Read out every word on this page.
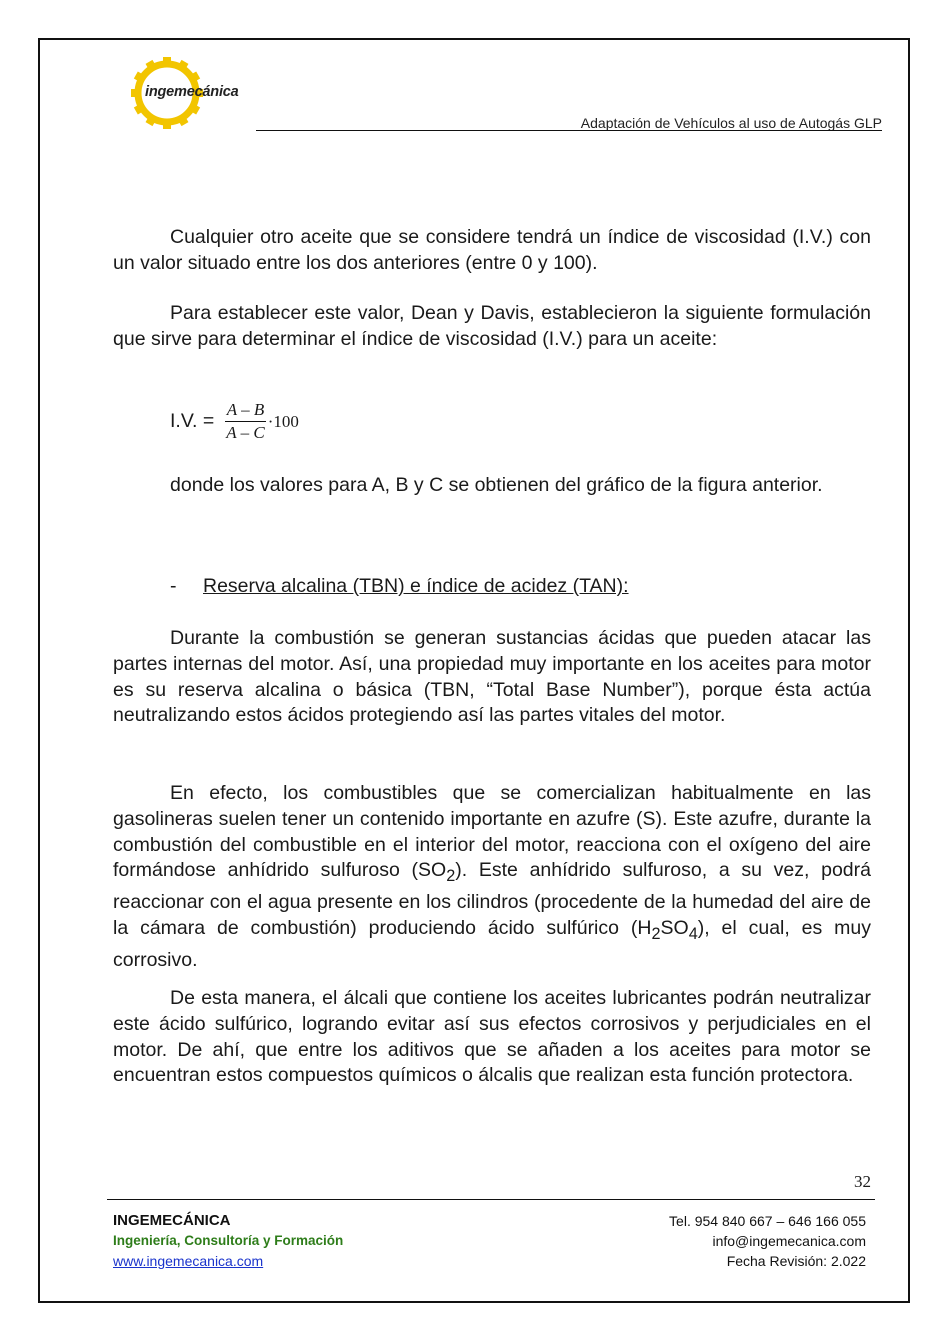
ingemecánica
Adaptación de Vehículos al uso de Autogás GLP

Cualquier otro aceite que se considere tendrá un índice de viscosidad (I.V.) con un valor situado entre los dos anteriores (entre 0 y 100).

Para establecer este valor, Dean y Davis, establecieron la siguiente formulación que sirve para determinar el índice de viscosidad (I.V.) para un aceite:

I.V. = $\frac{A - B}{A - C} \cdot 100$

donde los valores para A, B y C se obtienen del gráfico de la figura anterior.

- Reserva alcalina (TBN) e índice de acidez (TAN):

Durante la combustión se generan sustancias ácidas que pueden atacar las partes internas del motor. Así, una propiedad muy importante en los aceites para motor es su reserva alcalina o básica (TBN, “Total Base Number”), porque ésta actúa neutralizando estos ácidos protegiendo así las partes vitales del motor.

En efecto, los combustibles que se comercializan habitualmente en las gasolineras suelen tener un contenido importante en azufre (S). Este azufre, durante la combustión del combustible en el interior del motor, reacciona con el oxígeno del aire formándose anhídrido sulfuroso $(SO_2)$. Este anhídrido sulfuroso, a su vez, podrá reaccionar con el agua presente en los cilindros (procedente de la humedad del aire de la cámara de combustión) produciendo ácido sulfúrico $(H_2SO_4)$, el cual, es muy corrosivo.

De esta manera, el álcali que contiene los aceites lubricantes podrán neutralizar este ácido sulfúrico, logrando evitar así sus efectos corrosivos y perjudiciales en el motor. De ahí, que entre los aditivos que se añaden a los aceites para motor se encuentran estos compuestos químicos o álcalis que realizan esta función protectora.

32
INGEMECÁNICA
Ingeniería, Consultoría y Formación
www.ingemecanica.com
Tel. 954 840 667 – 646 166 055
info@ingemecanica.com
Fecha Revisión: 2.022
